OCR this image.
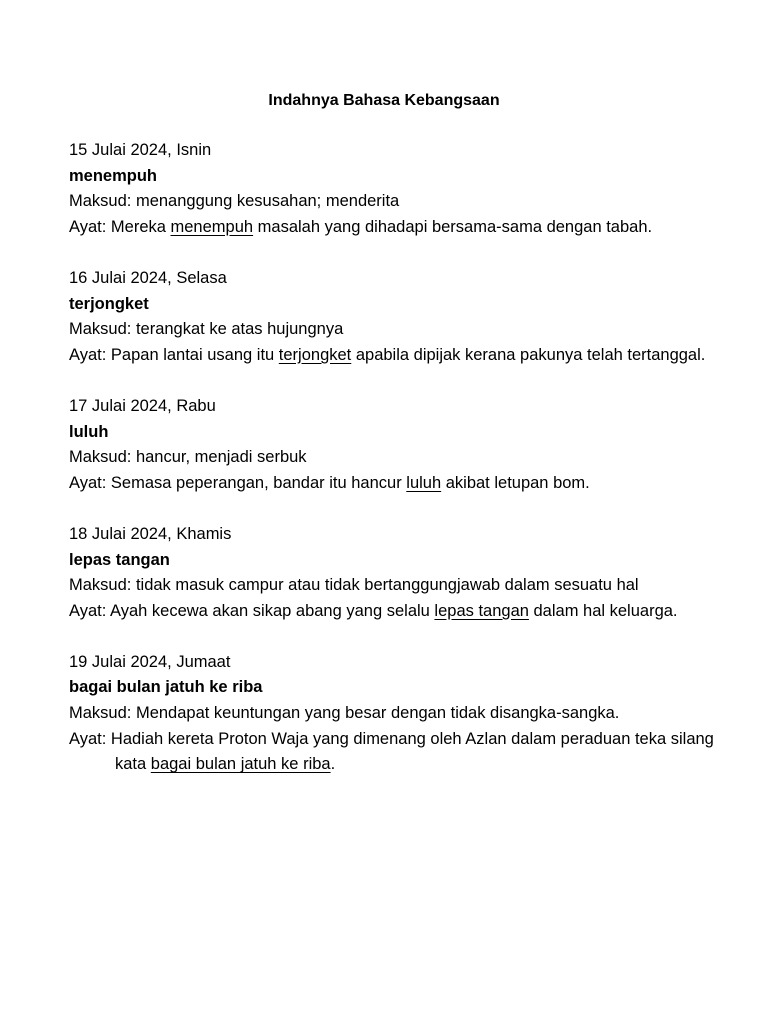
Indahnya Bahasa Kebangsaan
15 Julai 2024, Isnin
menempuh
Maksud: menanggung kesusahan; menderita
Ayat: Mereka menempuh masalah yang dihadapi bersama-sama dengan tabah.
16 Julai 2024, Selasa
terjongket
Maksud: terangkat ke atas hujungnya
Ayat: Papan lantai usang itu terjongket apabila dipijak kerana pakunya telah tertanggal.
17 Julai 2024, Rabu
luluh
Maksud: hancur, menjadi serbuk
Ayat: Semasa peperangan, bandar itu hancur luluh akibat letupan bom.
18 Julai 2024, Khamis
lepas tangan
Maksud: tidak masuk campur atau tidak bertanggungjawab dalam sesuatu hal
Ayat: Ayah kecewa akan sikap abang yang selalu lepas tangan dalam hal keluarga.
19 Julai 2024, Jumaat
bagai bulan jatuh ke riba
Maksud: Mendapat keuntungan yang besar dengan tidak disangka-sangka.
Ayat: Hadiah kereta Proton Waja yang dimenang oleh Azlan dalam peraduan teka silang kata bagai bulan jatuh ke riba.
